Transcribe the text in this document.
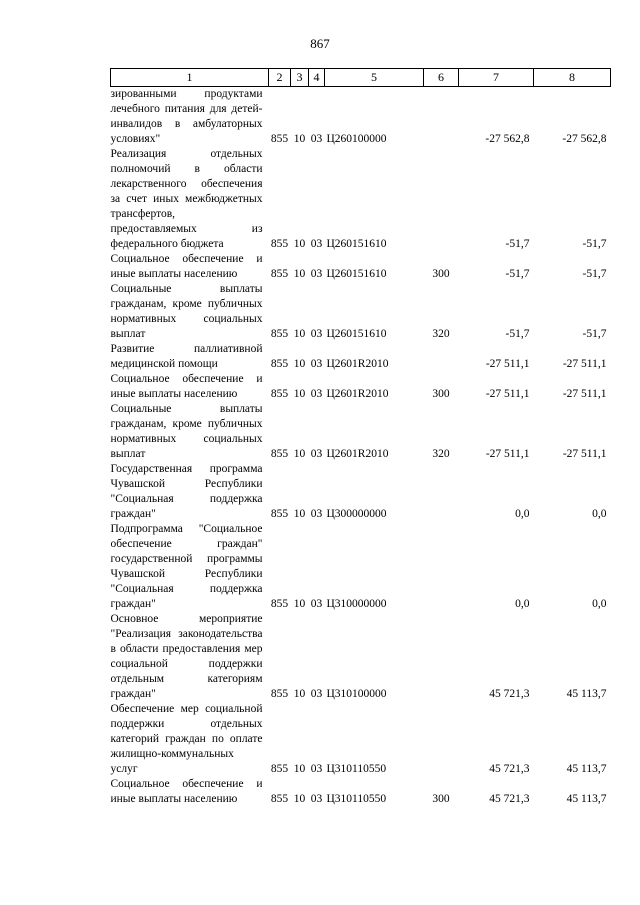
867
1	2	3	4	5	6	7	8
зированными продуктами лечебного питания для детей-инвалидов в амбулаторных условиях"	855	10	03	Ц260100000		-27 562,8	-27 562,8
Реализация отдельных полномочий в области лекарственного обеспечения за счет иных межбюджетных трансфертов, предоставляемых из федерального бюджета	855	10	03	Ц260151610		-51,7	-51,7
Социальное обеспечение и иные выплаты населению	855	10	03	Ц260151610	300	-51,7	-51,7
Социальные выплаты гражданам, кроме публичных нормативных социальных выплат	855	10	03	Ц260151610	320	-51,7	-51,7
Развитие паллиативной медицинской помощи	855	10	03	Ц2601R2010		-27 511,1	-27 511,1
Социальное обеспечение и иные выплаты населению	855	10	03	Ц2601R2010	300	-27 511,1	-27 511,1
Социальные выплаты гражданам, кроме публичных нормативных социальных выплат	855	10	03	Ц2601R2010	320	-27 511,1	-27 511,1
Государственная программа Чувашской Республики "Социальная поддержка граждан"	855	10	03	Ц300000000		0,0	0,0
Подпрограмма "Социальное обеспечение граждан" государственной программы Чувашской Республики "Социальная поддержка граждан"	855	10	03	Ц310000000		0,0	0,0
Основное мероприятие "Реализация законодательства в области предоставления мер социальной поддержки отдельным категориям граждан"	855	10	03	Ц310100000		45 721,3	45 113,7
Обеспечение мер социальной поддержки отдельных категорий граждан по оплате жилищно-коммунальных услуг	855	10	03	Ц310110550		45 721,3	45 113,7
Социальное обеспечение и иные выплаты населению	855	10	03	Ц310110550	300	45 721,3	45 113,7
